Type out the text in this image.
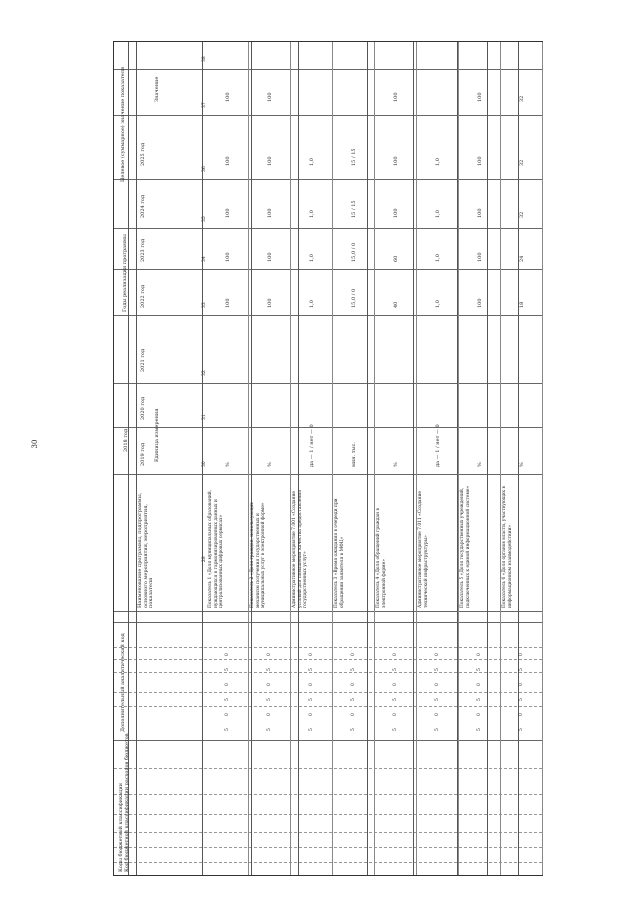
30
Целевое (суммарное) значение показателя
Годы реализации программы
2018 год
Дополнительный аналитический код
Коды бюджетной классификации Код бюджетной классификации расходов бюджетов
Значение
Единица измерения
Наименование программы, подпрограммы, основного мероприятия, мероприятия, показателя
2025 год
2024 год
2023 год
2022 год
2021 год
2020 год
2019 год
38
37
36
35
34
33
32
31
30
28 Показатель 1 «Доля муниципальных образований, нуждающихся в гармонизированных данных и централизованных цифровых сервисах»
%
100
100
100
100
100
0
5
0
5
0
5
Показатель 2 «Доля граждан, использующих механизм получения государственных и муниципальных услуг в электронной форме»
%
100
100
100
100
100
0
5
0
5
0
5
Административное мероприятие 7.001 «Создание условий для повышения качества предоставления государственных услуг»
да — 1 / нет — 0
1,0
1,0
1,0
1,0
0
5
0
5
0
5
Показатель 3 «Время ожидания в очереди при обращении заявителя в МФЦ»
мин. тыс.
15,0 / 0
15,0 / 0
15 / 15
15 / 15
0
5
0
5
0
5
Показатель 4 «Доля обращений граждан в электронной форме»
%
40
60
100
100
100
0
5
0
5
0
5
Административное мероприятие 7.011 «Создание технической инфраструктуры»
да — 1 / нет — 0
1,0
1,0
1,0
1,0
0
5
0
5
0
5
Показатель 5 «Доля государственных учреждений, подключенных к единой информационной системе»
%
100
100
100
100
100
0
5
0
5
0
5
Показатель 6 «Доля органов власти, участвующих в информационном взаимодействии»
%
18
24
32
32
32
0
5
0
5
0
5
